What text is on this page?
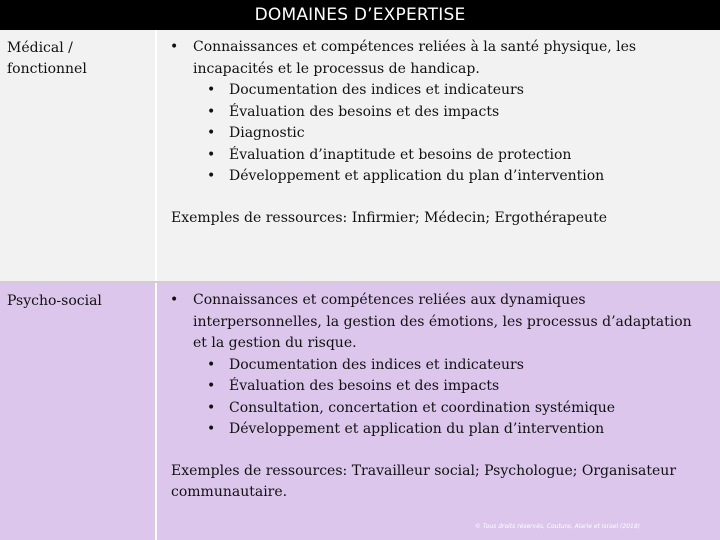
DOMAINES D’EXPERTISE
Médical / fonctionnel
• Connaissances et compétences reliées à la santé physique, les incapacités et le processus de handicap.
• Documentation des indices et indicateurs
• Évaluation des besoins et des impacts
• Diagnostic
• Évaluation d’inaptitude et besoins de protection
• Développement et application du plan d’intervention
Exemples de ressources: Infirmier; Médecin; Ergothérapeute
Psycho-social
•	Connaissances et compétences reliées aux dynamiques interpersonnelles, la gestion des émotions, les processus d’adaptation et la gestion du risque.
• Documentation des indices et indicateurs
• Évaluation des besoins et des impacts
• Consultation, concertation et coordination systémique
• Développement et application du plan d’intervention
Exemples de ressources: Travailleur social; Psychologue; Organisateur communautaire.
© Tous droits réservés, Couture, Alarie et Israel (2018)
